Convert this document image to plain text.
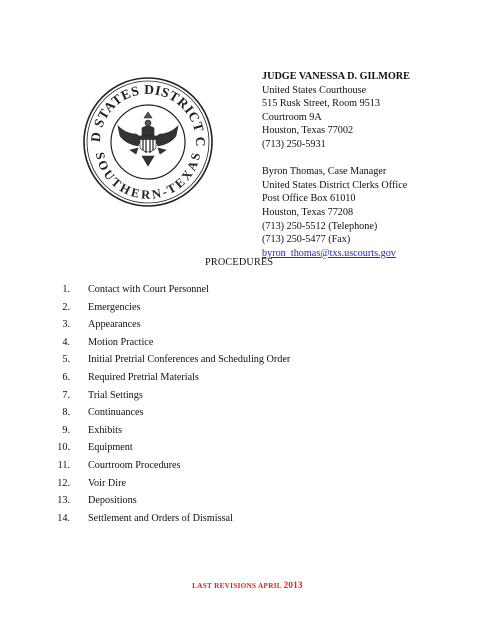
D STATES DISTRICT C
SOUTHERN-TEXAS
JUDGE VANESSA D. GILMORE
United States Courthouse
515 Rusk Street, Room 9513
Courtroom 9A
Houston, Texas 77002
(713) 250-5931
Byron Thomas, Case Manager
United States District Clerks Office
Post Office Box 61010
Houston, Texas 77208
(713) 250-5512 (Telephone)
(713) 250-5477 (Fax)
byron_thomas@txs.uscourts.gov
PROCEDURES
1. Contact with Court Personnel
2. Emergencies
3. Appearances
4. Motion Practice
5. Initial Pretrial Conferences and Scheduling Order
6. Required Pretrial Materials
7. Trial Settings
8. Continuances
9. Exhibits
10. Equipment
11. Courtroom Procedures
12. Voir Dire
13. Depositions
14. Settlement and Orders of Dismissal
LAST REVISIONS APRIL 2013
